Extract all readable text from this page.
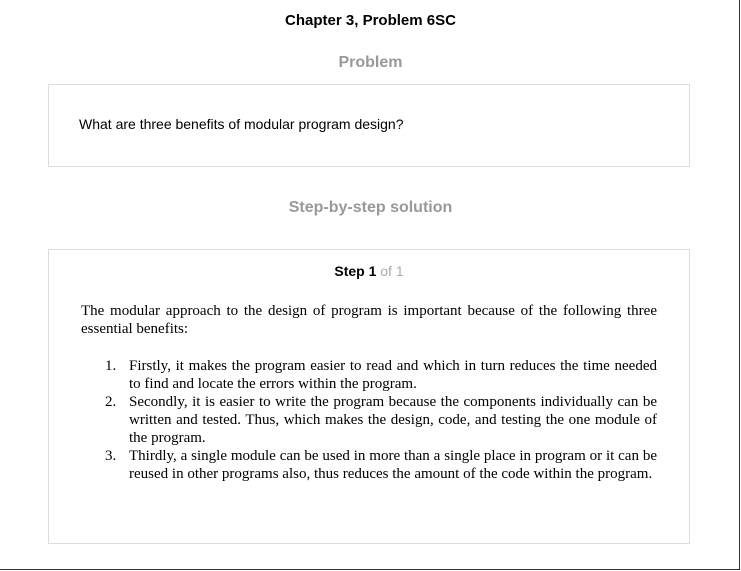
Chapter 3, Problem 6SC
Problem
What are three benefits of modular program design?
Step-by-step solution
Step 1 of 1

The modular approach to the design of program is important because of the following three essential benefits:

1. Firstly, it makes the program easier to read and which in turn reduces the time needed to find and locate the errors within the program.
2. Secondly, it is easier to write the program because the components individually can be written and tested. Thus, which makes the design, code, and testing the one module of the program.
3. Thirdly, a single module can be used in more than a single place in program or it can be reused in other programs also, thus reduces the amount of the code within the program.
